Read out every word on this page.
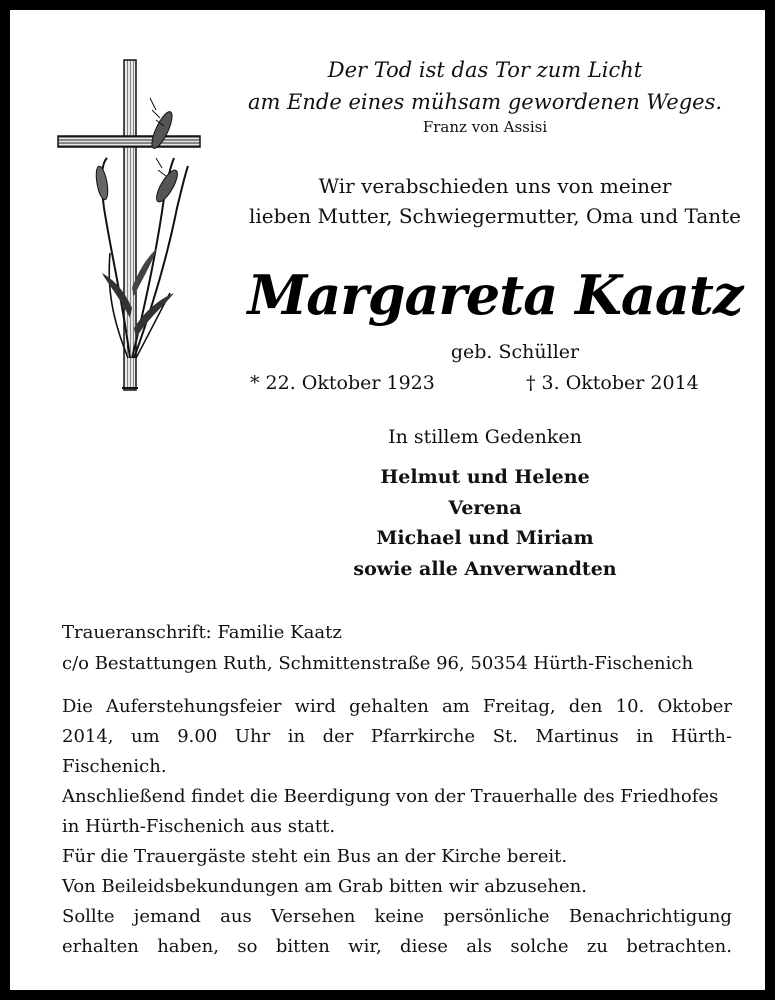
Der Tod ist das Tor zum Licht
am Ende eines mühsam gewordenen Weges.
Franz von Assisi
Wir verabschieden uns von meiner
lieben Mutter, Schwiegermutter, Oma und Tante
Margareta Kaatz
geb. Schüller
* 22. Oktober 1923	† 3. Oktober 2014
In stillem Gedenken
Helmut und Helene
Verena
Michael und Miriam
sowie alle Anverwandten
Traueranschrift: Familie Kaatz
c/o Bestattungen Ruth, Schmittenstraße 96, 50354 Hürth-Fischenich
Die Auferstehungsfeier wird gehalten am Freitag, den 10. Oktober
2014, um 9.00 Uhr in der Pfarrkirche St. Martinus in Hürth-
Fischenich.
Anschließend findet die Beerdigung von der Trauerhalle des Friedhofes
in Hürth-Fischenich aus statt.
Für die Trauergäste steht ein Bus an der Kirche bereit.
Von Beileidsbekundungen am Grab bitten wir abzusehen.
Sollte jemand aus Versehen keine persönliche Benachrichtigung
erhalten haben, so bitten wir, diese als solche zu betrachten.
